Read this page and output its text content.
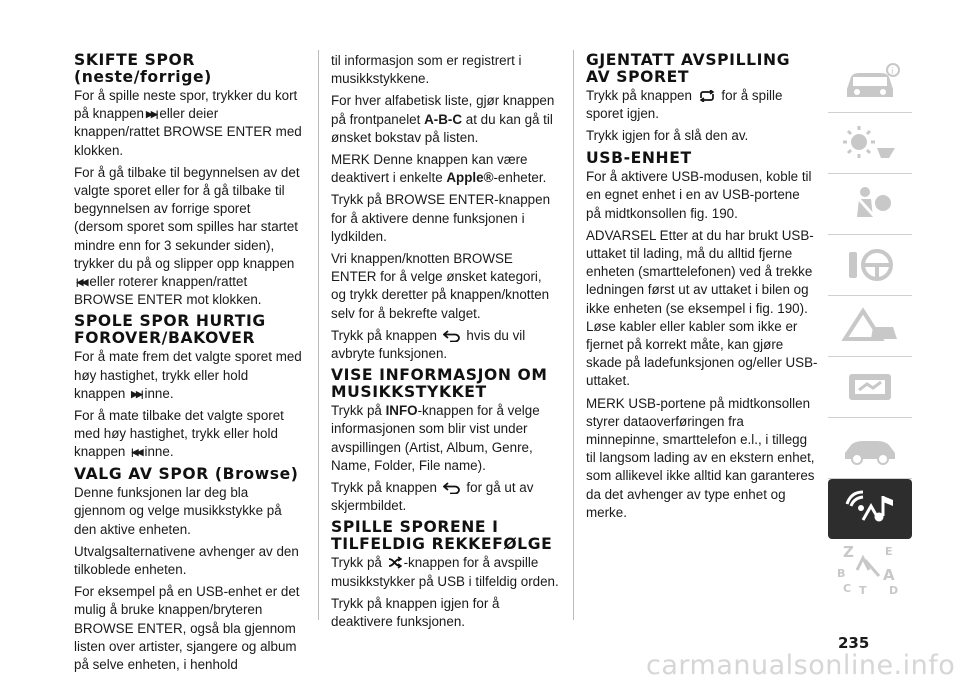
SKIFTE SPOR (neste/forrige)

For å spille neste spor, trykker du kort på knappen ▶▶| eller deier knappen/rattet BROWSE ENTER med klokken.

For å gå tilbake til begynnelsen av det valgte sporet eller for å gå tilbake til begynnelsen av forrige sporet (dersom sporet som spilles har startet mindre enn for 3 sekunder siden), trykker du på og slipper opp knappen|◀◀ eller roterer knappen/rattet BROWSE ENTER mot klokken.

SPOLE SPOR HURTIG FOROVER/BAKOVER

For å mate frem det valgte sporet med høy hastighet, trykk eller hold knappen ▶▶| inne.

For å mate tilbake det valgte sporet med høy hastighet, trykk eller hold knappen |◀◀ inne.

VALG AV SPOR (Browse)

Denne funksjonen lar deg bla gjennom og velge musikkstykke på den aktive enheten.

Utvalgsalternativene avhenger av den tilkoblede enheten.

For eksempel på en USB-enhet er det mulig å bruke knappen/bryteren BROWSE ENTER, også bla gjennom listen over artister, sjangere og album på selve enheten, i henhold

til informasjon som er registrert i musikkstykkene.

For hver alfabetisk liste, gjør knappen på frontpanelet A-B-C at du kan gå til ønsket bokstav på listen.

MERK Denne knappen kan være deaktivert i enkelte Apple®-enheter.

Trykk på BROWSE ENTER-knappen for å aktivere denne funksjonen i lydkilden.

Vri knappen/knotten BROWSE ENTER for å velge ønsket kategori, og trykk deretter på knappen/knotten selv for å bekrefte valget.

Trykk på knappen hvis du vil avbryte funksjonen.

VISE INFORMASJON OM MUSIKKSTYKKET

Trykk på INFO-knappen for å velge informasjonen som blir vist under avspillingen (Artist, Album, Genre, Name, Folder, File name).

Trykk på knappen for gå ut av skjermbildet.

SPILLE SPORENE I TILFELDIG REKKEFØLGE

Trykk på -knappen for å avspille musikkstykker på USB i tilfeldig orden.

Trykk på knappen igjen for å deaktivere funksjonen.

GJENTATT AVSPILLING AV SPORET

Trykk på knappen for å spille sporet igjen.

Trykk igjen for å slå den av.

USB-ENHET

For å aktivere USB-modusen, koble til en egnet enhet i en av USB-portene på midtkonsollen fig. 190.

ADVARSEL Etter at du har brukt USB-uttaket til lading, må du alltid fjerne enheten (smarttelefonen) ved å trekke ledningen først ut av uttaket i bilen og ikke enheten (se eksempel i fig. 190). Løse kabler eller kabler som ikke er fjernet på korrekt måte, kan gjøre skade på ladefunksjonen og/eller USB-uttaket.

MERK USB-portene på midtkonsollen styrer dataoverføringen fra minnepinne, smarttelefon e.l., i tillegg til langsom lading av en ekstern enhet, som allikevel ikke alltid kan garanteres da det avhenger av type enhet og merke.

i
Z	E
B	A
C T D
235
carmanualsonline.info
